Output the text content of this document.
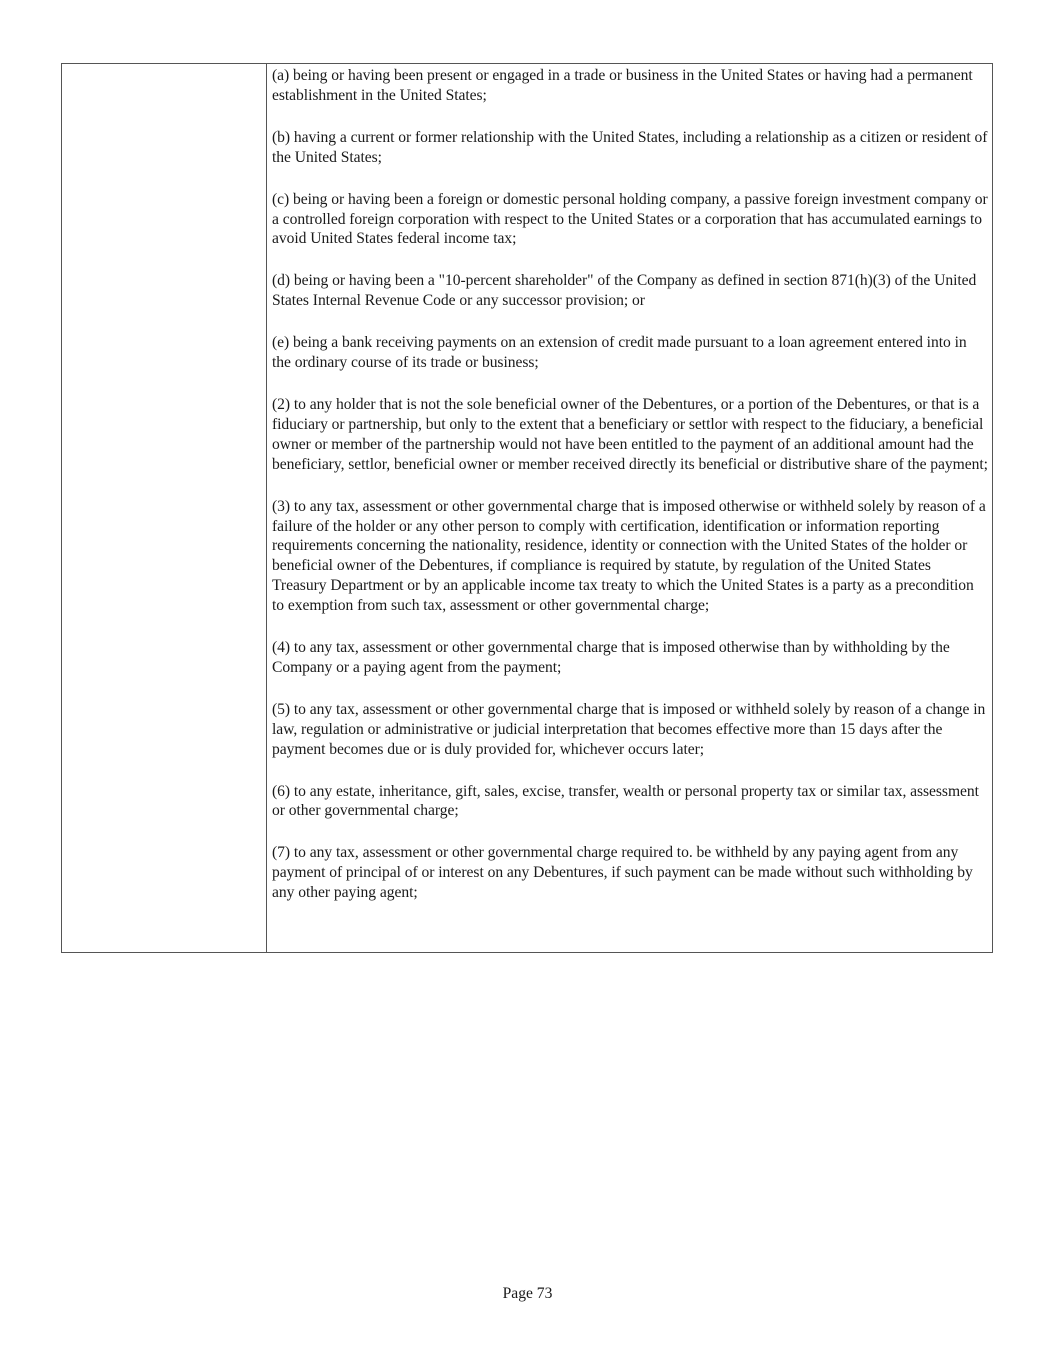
(a) being or having been present or engaged in a trade or business in the United States or having had a permanent establishment in the United States;

(b) having a current or former relationship with the United States, including a relationship as a citizen or resident of the United States;

(c) being or having been a foreign or domestic personal holding company, a passive foreign investment company or a controlled foreign corporation with respect to the United States or a corporation that has accumulated earnings to avoid United States federal income tax;

(d) being or having been a "10-percent shareholder" of the Company as defined in section 871(h)(3) of the United States Internal Revenue Code or any successor provision; or

(e) being a bank receiving payments on an extension of credit made pursuant to a loan agreement entered into in the ordinary course of its trade or business;

(2) to any holder that is not the sole beneficial owner of the Debentures, or a portion of the Debentures, or that is a fiduciary or partnership, but only to the extent that a beneficiary or settlor with respect to the fiduciary, a beneficial owner or member of the partnership would not have been entitled to the payment of an additional amount had the beneficiary, settlor, beneficial owner or member received directly its beneficial or distributive share of the payment;

(3) to any tax, assessment or other governmental charge that is imposed otherwise or withheld solely by reason of a failure of the holder or any other person to comply with certification, identification or information reporting requirements concerning the nationality, residence, identity or connection with the United States of the holder or beneficial owner of the Debentures, if compliance is required by statute, by regulation of the United States Treasury Department or by an applicable income tax treaty to which the United States is a party as a precondition to exemption from such tax, assessment or other governmental charge;

(4) to any tax, assessment or other governmental charge that is imposed otherwise than by withholding by the Company or a paying agent from the payment;

(5) to any tax, assessment or other governmental charge that is imposed or withheld solely by reason of a change in law, regulation or administrative or judicial interpretation that becomes effective more than 15 days after the payment becomes due or is duly provided for, whichever occurs later;

(6) to any estate, inheritance, gift, sales, excise, transfer, wealth or personal property tax or similar tax, assessment or other governmental charge;

(7) to any tax, assessment or other governmental charge required to. be withheld by any paying agent from any payment of principal of or interest on any Debentures, if such payment can be made without such withholding by any other paying agent;

Page 73
